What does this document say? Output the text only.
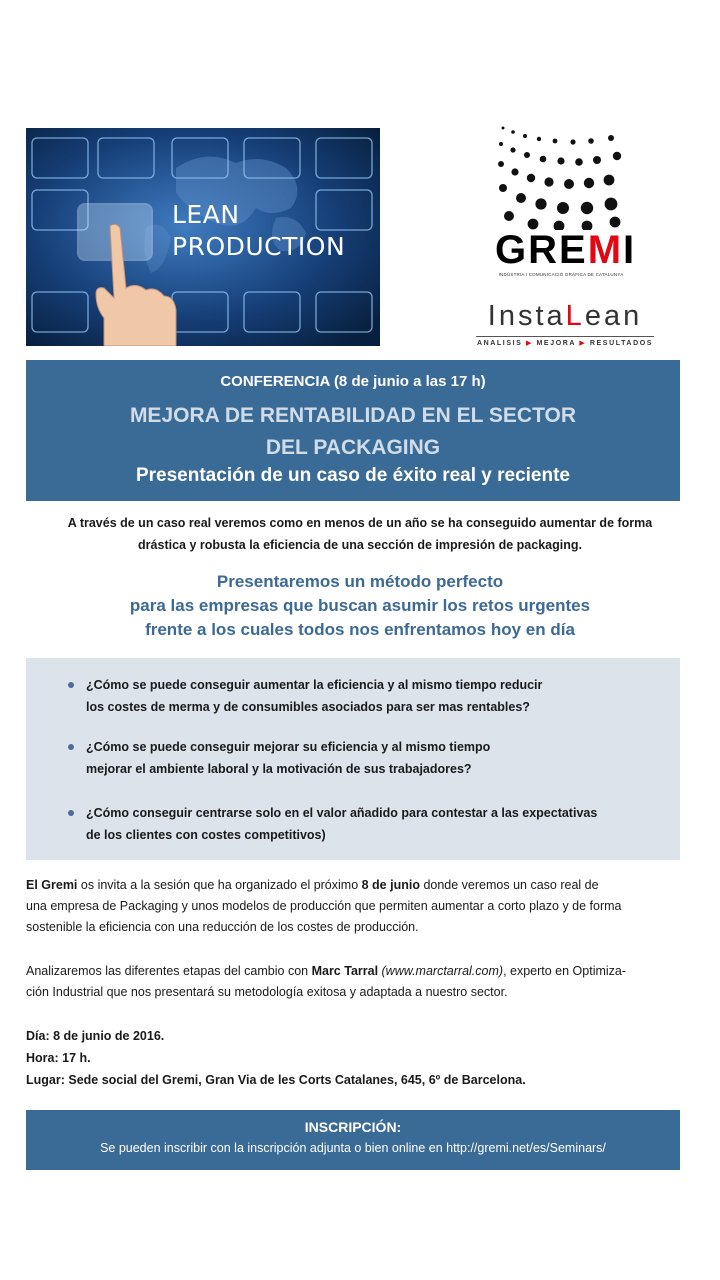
LEAN
PRODUCTION	GREMI
INDÚSTRIA I COMUNICACIÓ GRÀFICA DE CATALUNYA
InstaLean
ANALISIS ▶ MEJORA ▶ RESULTADOS
CONFERENCIA (8 de junio a las 17 h)
MEJORA DE RENTABILIDAD EN EL SECTOR
DEL PACKAGING
Presentación de un caso de éxito real y reciente
A través de un caso real veremos como en menos de un año se ha conseguido aumentar de forma
drástica y robusta la eficiencia de una sección de impresión de packaging.
Presentaremos un método perfecto
para las empresas que buscan asumir los retos urgentes
frente a los cuales todos nos enfrentamos hoy en día
¿Cómo se puede conseguir aumentar la eficiencia y al mismo tiempo reducir
los costes de merma y de consumibles asociados para ser mas rentables?
¿Cómo se puede conseguir mejorar su eficiencia y al mismo tiempo
mejorar el ambiente laboral y la motivación de sus trabajadores?
¿Cómo conseguir centrarse solo en el valor añadido para contestar a las expectativas
de los clientes con costes competitivos)
El Gremi os invita a la sesión que ha organizado el próximo 8 de junio donde veremos un caso real de
una empresa de Packaging y unos modelos de producción que permiten aumentar a corto plazo y de forma
sostenible la eficiencia con una reducción de los costes de producción.
Analizaremos las diferentes etapas del cambio con Marc Tarral (www.marctarral.com), experto en Optimiza-
ción Industrial que nos presentará su metodología exitosa y adaptada a nuestro sector.
Día: 8 de junio de 2016.
Hora: 17 h.
Lugar: Sede social del Gremi, Gran Via de les Corts Catalanes, 645, 6º de Barcelona.
INSCRIPCIÓN:
Se pueden inscribir con la inscripción adjunta o bien online en http://gremi.net/es/Seminars/
